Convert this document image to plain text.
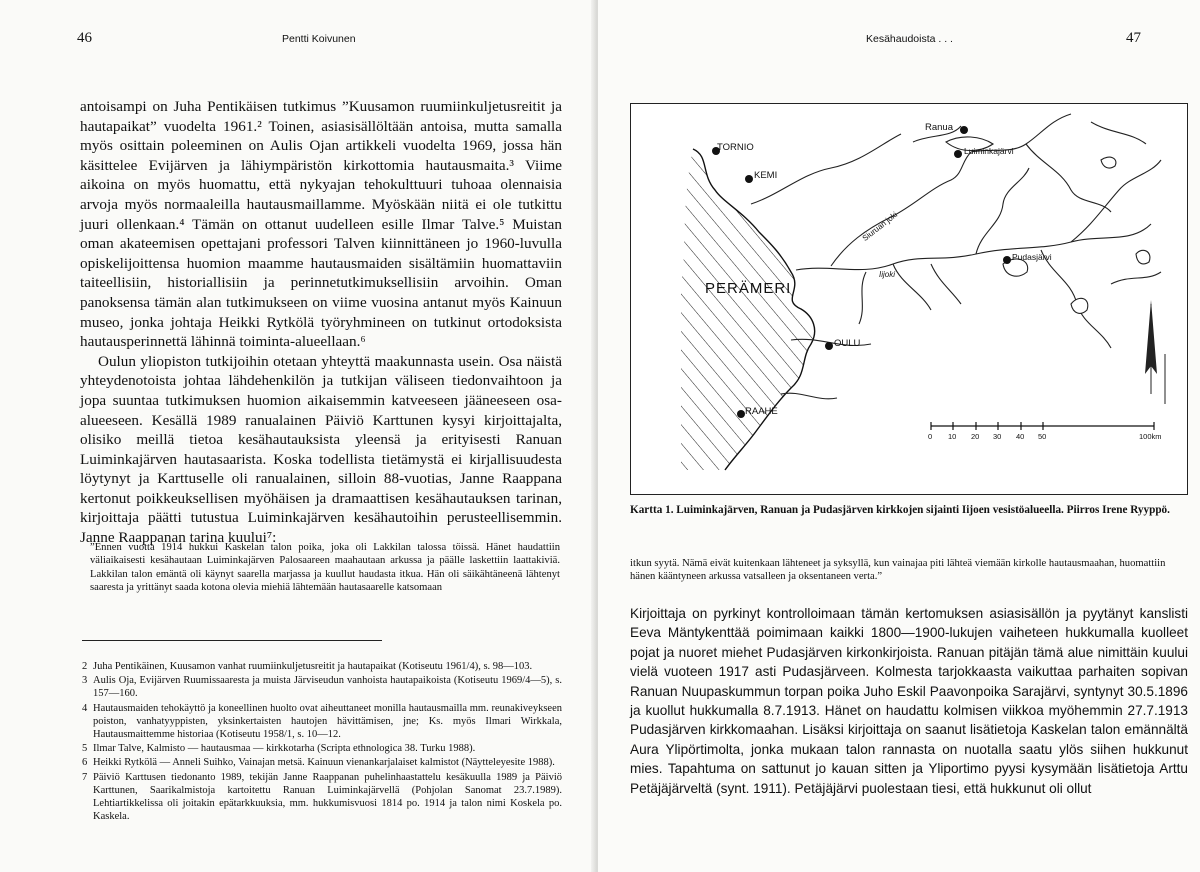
46	Pentti Koivunen

antoisampi on Juha Pentikäisen tutkimus ”Kuusamon ruumiinkuljetusreitit ja hautapaikat” vuodelta 1961.² Toinen, asiasisällöltään antoisa, mutta samalla myös osittain poleeminen on Aulis Ojan artikkeli vuodelta 1969, jossa hän käsittelee Evijärven ja lähiympäristön kirkottomia hautausmaita.³ Viime aikoina on myös huomattu, että nykyajan tehokulttuuri tuhoaa olennaisia arvoja myös normaaleilla hautausmaillamme. Myöskään niitä ei ole tutkittu juuri ollenkaan.⁴ Tämän on ottanut uudelleen esille Ilmar Talve.⁵ Muistan oman akateemisen opettajani professori Talven kiinnittäneen jo 1960-luvulla opiskelijoittensa huomion maamme hautausmaiden sisältämiin huomattaviin taiteellisiin, historiallisiin ja perinnetutkimuksellisiin arvoihin. Oman panoksensa tämän alan tutkimukseen on viime vuosina antanut myös Kainuun museo, jonka johtaja Heikki Rytkölä työryhmineen on tutkinut ortodoksista hautausperinnettä lähinnä toiminta-alueellaan.⁶

Oulun yliopiston tutkijoihin otetaan yhteyttä maakunnasta usein. Osa näistä yhteydenotoista johtaa lähdehenkilön ja tutkijan väliseen tiedonvaihtoon ja jopa suuntaa tutkimuksen huomion aikaisemmin katveeseen jääneeseen osa-alueeseen. Kesällä 1989 ranualainen Päiviö Karttunen kysyi kirjoittajalta, olisiko meillä tietoa kesähautauksista yleensä ja erityisesti Ranuan Luiminkajärven hautasaarista. Koska todellista tietämystä ei kirjallisuudesta löytynyt ja Karttuselle oli ranualainen, silloin 88-vuotias, Janne Raappana kertonut poikkeuksellisen myöhäisen ja dramaattisen kesähautauksen tarinan, kirjoittaja päätti tutustua Luiminkajärven kesähautoihin perusteellisemmin. Janne Raappanan tarina kuului⁷:

”Ennen vuotta 1914 hukkui Kaskelan talon poika, joka oli Lakkilan talossa töissä. Hänet haudattiin väliaikaisesti kesähautaan Luiminkajärven Palosaareen maahautaan arkussa ja päälle laskettiin laattakiviä. Lakkilan talon emäntä oli käynyt saarella marjassa ja kuullut haudasta itkua. Hän oli säikähtäneenä lähtenyt saaresta ja yrittänyt saada kotona olevia miehiä lähtemään hautasaarelle katsomaan

2 Juha Pentikäinen, Kuusamon vanhat ruumiinkuljetusreitit ja hautapaikat (Kotiseutu 1961/4), s. 98—103.

3 Aulis Oja, Evijärven Ruumissaaresta ja muista Järviseudun vanhoista hautapaikoista (Kotiseutu 1969/4—5), s. 157—160.

4 Hautausmaiden tehokäyttö ja koneellinen huolto ovat aiheuttaneet monilla hautausmailla mm. reunakiveykseen poiston, vanhatyyppisten, yksinkertaisten hautojen hävittämisen, jne; Ks. myös Ilmari Wirkkala, Hautausmaittemme historiaa (Kotiseutu 1958/1, s. 10—12.

5 Ilmar Talve, Kalmisto — hautausmaa — kirkkotarha (Scripta ethnologica 38. Turku 1988).

6 Heikki Rytkölä — Anneli Suihko, Vainajan metsä. Kainuun vienankarjalaiset kalmistot (Näytteleyesite 1988).

7 Päiviö Karttusen tiedonanto 1989, tekijän Janne Raappanan puhelinhaastattelu kesäkuulla 1989 ja Päiviö Karttunen, Saarikalmistoja kartoitettu Ranuan Luiminkajärvellä (Pohjolan Sanomat 23.7.1989). Lehtiartikkelissa oli joitakin epätarkkuuksia, mm. hukkumisvuosi 1814 po. 1914 ja talon nimi Koskela po. Kaskela.

Kesähaudoista . . .	47
TORNIO
KEMI
Ranua
Luiminkajärvi
Pudasjärvi
OULU
RAAHE
PERÄMERI
Siuruan joki
Iijoki
0 10 20 30 40 50	100km
Kartta 1. Luiminkajärven, Ranuan ja Pudasjärven kirkkojen sijainti Iijoen vesistöalueella. Piirros Irene Ryyppö.
itkun syytä. Nämä eivät kuitenkaan lähteneet ja syksyllä, kun vainajaa piti lähteä viemään kirkolle hautausmaahan, huomattiin hänen kääntyneen arkussa vatsalleen ja oksentaneen verta.”

Kirjoittaja on pyrkinyt kontrolloimaan tämän kertomuksen asiasisällön ja pyytänyt kanslisti Eeva Mäntykenttää poimimaan kaikki 1800—1900-lukujen vaiheteen hukkumalla kuolleet pojat ja nuoret miehet Pudasjärven kirkonkirjoista. Ranuan pitäjän tämä alue nimittäin kuului vielä vuoteen 1917 asti Pudasjärveen. Kolmesta tarjokkaasta vaikuttaa parhaiten sopivan Ranuan Nuupaskummun torpan poika Juho Eskil Paavonpoika Sarajärvi, syntynyt 30.5.1896 ja kuollut hukkumalla 8.7.1913. Hänet on haudattu kolmisen viikkoa myöhemmin 27.7.1913 Pudasjärven kirkkomaahan. Lisäksi kirjoittaja on saanut lisätietoja Kaskelan talon emännältä Aura Ylipörtimolta, jonka mukaan talon rannasta on nuotalla saatu ylös siihen hukkunut mies. Tapahtuma on sattunut jo kauan sitten ja Yliportimo pyysi kysymään lisätietoja Arttu Petäjäjärveltä (synt. 1911). Petäjäjärvi puolestaan tiesi, että hukkunut oli ollut
